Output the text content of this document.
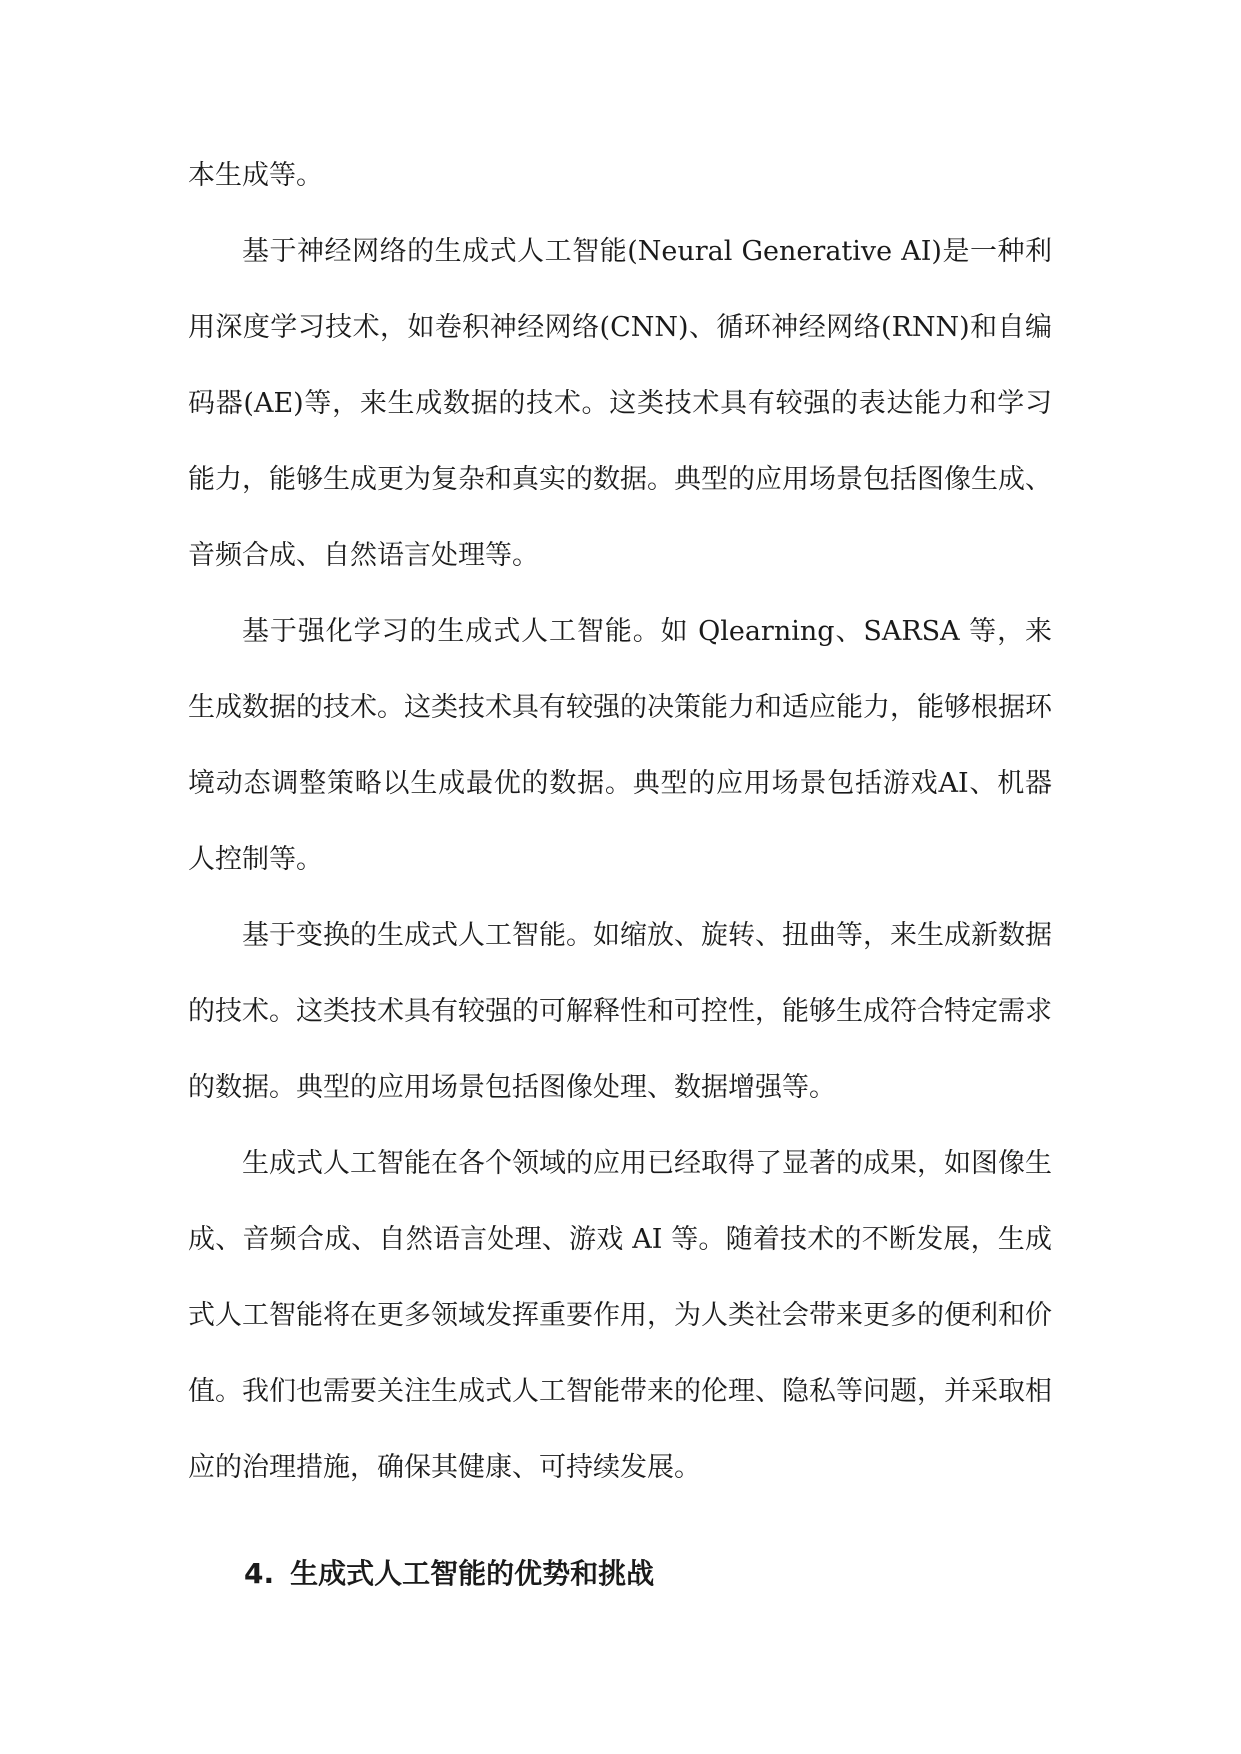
本生成等。

基于神经网络的生成式人工智能(Neural Generative AI)是一种利用深度学习技术，如卷积神经网络(CNN)、循环神经网络(RNN)和自编码器(AE)等，来生成数据的技术。这类技术具有较强的表达能力和学习能力，能够生成更为复杂和真实的数据。典型的应用场景包括图像生成、音频合成、自然语言处理等。

基于强化学习的生成式人工智能。如 Qlearning、SARSA 等，来生成数据的技术。这类技术具有较强的决策能力和适应能力，能够根据环境动态调整策略以生成最优的数据。典型的应用场景包括游戏AI、机器人控制等。

基于变换的生成式人工智能。如缩放、旋转、扭曲等，来生成新数据的技术。这类技术具有较强的可解释性和可控性，能够生成符合特定需求的数据。典型的应用场景包括图像处理、数据增强等。

生成式人工智能在各个领域的应用已经取得了显著的成果，如图像生成、音频合成、自然语言处理、游戏 AI 等。随着技术的不断发展，生成式人工智能将在更多领域发挥重要作用，为人类社会带来更多的便利和价值。我们也需要关注生成式人工智能带来的伦理、隐私等问题，并采取相应的治理措施，确保其健康、可持续发展。

4. 生成式人工智能的优势和挑战
